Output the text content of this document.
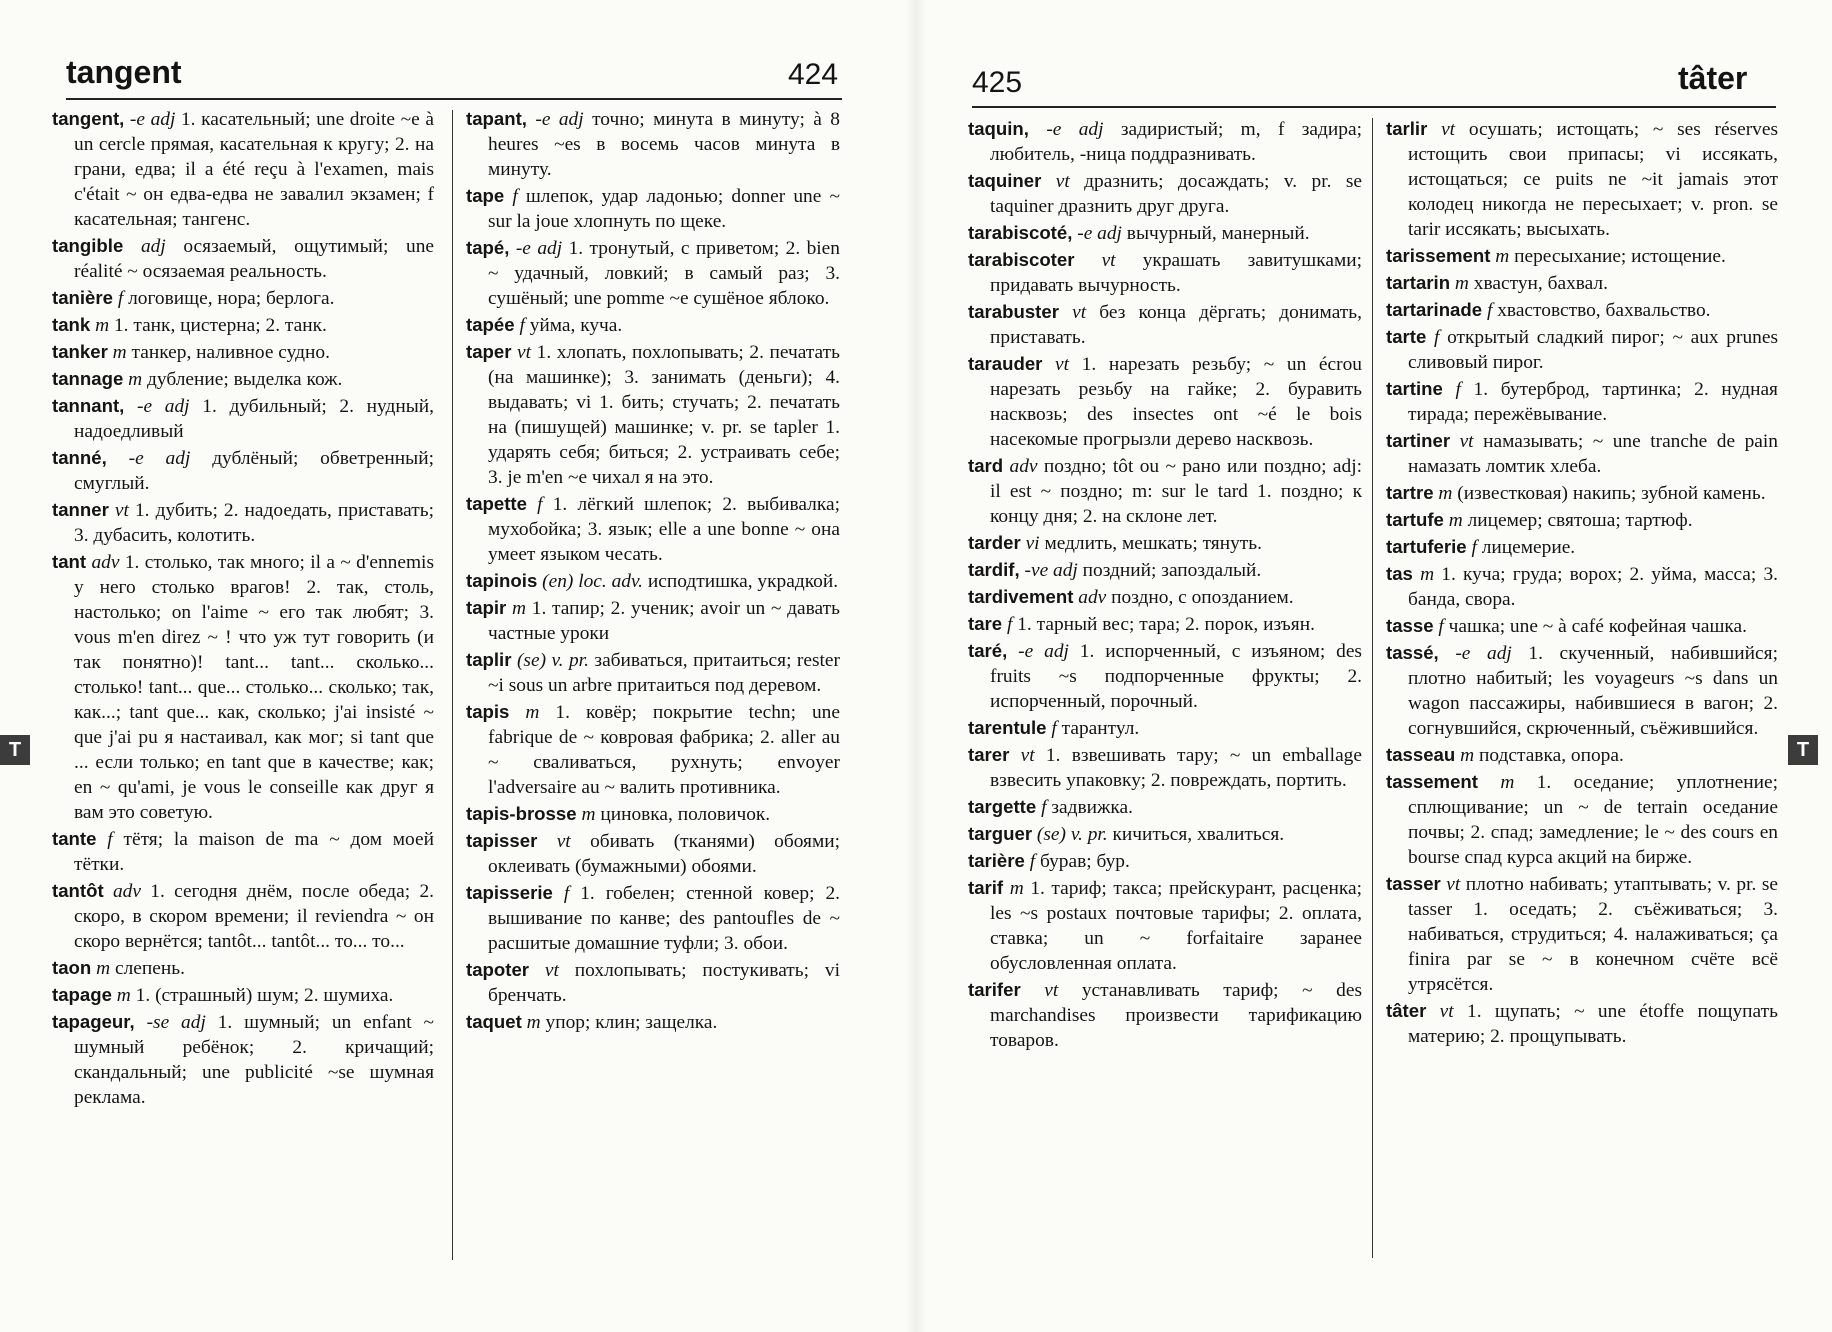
tangent	424

tangent, -e adj 1. касательный; une droite ~e à un cercle прямая, касательная к кругу; 2. на грани, едва; il a été reçu à l'examen, mais c'était ~ он едва-едва не завалил экзамен; f касательная; тангенс.

tangible adj осязаемый, ощутимый; une réalité ~ осязаемая реальность.

tanière f логовище, нора; берлога.

tank m 1. танк, цистерна; 2. танк.

tanker m танкер, наливное судно.

tannage m дубление; выделка кож.

tannant, -e adj 1. дубильный; 2. нудный, надоедливый

tanné, -e adj дублёный; обветренный; смуглый.

tanner vt 1. дубить; 2. надоедать, приставать; 3. дубасить, колотить.

tant adv 1. столько, так много; il a ~ d'ennemis у него столько врагов! 2. так, столь, настолько; on l'aime ~ его так любят; 3. vous m'en direz ~ ! что уж тут говорить (и так понятно)! tant... tant... сколько... столько! tant... que... столько... сколько; так, как...; tant que... как, сколько; j'ai insisté ~ que j'ai pu я настаивал, как мог; si tant que ... если только; en tant que в качестве; как; en ~ qu'ami, je vous le conseille как друг я вам это советую.

tante f тётя; la maison de ma ~ дом моей тётки.

tantôt adv 1. сегодня днём, после обеда; 2. скоро, в скором времени; il reviendra ~ он скоро вернётся; tantôt... tantôt... то... то...

taon m слепень.

tapage m 1. (страшный) шум; 2. шумиха.

tapageur, -se adj 1. шумный; un enfant ~ шумный ребёнок; 2. кричащий; скандальный; une publicité ~se шумная реклама.

tapant, -e adj точно; минута в минуту; à 8 heures ~es в восемь часов минута в минуту.

tape f шлепок, удар ладонью; donner une ~ sur la joue хлопнуть по щеке.

tapé, -e adj 1. тронутый, с приветом; 2. bien ~ удачный, ловкий; в самый раз; 3. сушёный; une pomme ~e сушёное яблоко.

tapée f уйма, куча.

taper vt 1. хлопать, похлопывать; 2. печатать (на машинке); 3. занимать (деньги); 4. выдавать; vi 1. бить; стучать; 2. печатать на (пишущей) машинке; v. pr. se tapler 1. ударять себя; биться; 2. устраивать себе; 3. je m'en ~e чихал я на это.

tapette f 1. лёгкий шлепок; 2. выбивалка; мухобойка; 3. язык; elle a une bonne ~ она умеет языком чесать.

tapinois (en) loc. adv. исподтишка, украдкой.

tapir m 1. тапир; 2. ученик; avoir un ~ давать частные уроки

taplir (se) v. pr. забиваться, притаиться; rester ~i sous un arbre притаиться под деревом.

tapis m 1. ковёр; покрытие techn; une fabrique de ~ ковровая фабрика; 2. aller au ~ сваливаться, рухнуть; envoyer l'adversaire au ~ валить противника.

tapis-brosse m циновка, половичок.

tapisser vt обивать (тканями) обоями; оклеивать (бумажными) обоями.

tapisserie f 1. гобелен; стенной ковер; 2. вышивание по канве; des pantoufles de ~ расшитые домашние туфли; 3. обои.

tapoter vt похлопывать; постукивать; vi бренчать.

taquet m упор; клин; защелка.

T
425	tâter

taquin, -e adj задиристый; m, f задира; любитель, -ница поддразнивать.

taquiner vt дразнить; досаждать; v. pr. se taquiner дразнить друг друга.

tarabiscoté, -e adj вычурный, манерный.

tarabiscoter vt украшать завитушками; придавать вычурность.

tarabuster vt без конца дёргать; донимать, приставать.

tarauder vt 1. нарезать резьбу; ~ un écrou нарезать резьбу на гайке; 2. буравить насквозь; des insectes ont ~é le bois насекомые прогрызли дерево насквозь.

tard adv поздно; tôt ou ~ рано или поздно; adj: il est ~ поздно; m: sur le tard 1. поздно; к концу дня; 2. на склоне лет.

tarder vi медлить, мешкать; тянуть.

tardif, -ve adj поздний; запоздалый.

tardivement adv поздно, с опозданием.

tare f 1. тарный вес; тара; 2. порок, изъян.

taré, -e adj 1. испорченный, с изъяном; des fruits ~s подпорченные фрукты; 2. испорченный, порочный.

tarentule f тарантул.

tarer vt 1. взвешивать тару; ~ un emballage взвесить упаковку; 2. повреждать, портить.

targette f задвижка.

targuer (se) v. pr. кичиться, хвалиться.

tarière f бурав; бур.

tarif m 1. тариф; такса; прейскурант, расценка; les ~s postaux почтовые тарифы; 2. оплата, ставка; un ~ forfaitaire заранее обусловленная оплата.

tarifer vt устанавливать тариф; ~ des marchandises произвести тарификацию товаров.

tarlir vt осушать; истощать; ~ ses réserves истощить свои припасы; vi иссякать, истощаться; ce puits ne ~it jamais этот колодец никогда не пересыхает; v. pron. se tarir иссякать; высыхать.

tarissement m пересыхание; истощение.

tartarin m хвастун, бахвал.

tartarinade f хвастовство, бахвальство.

tarte f открытый сладкий пирог; ~ aux prunes сливовый пирог.

tartine f 1. бутерброд, тартинка; 2. нудная тирада; пережёвывание.

tartiner vt намазывать; ~ une tranche de pain намазать ломтик хлеба.

tartre m (известковая) накипь; зубной камень.

tartufe m лицемер; святоша; тартюф.

tartuferie f лицемерие.

tas m 1. куча; груда; ворох; 2. уйма, масса; 3. банда, свора.

tasse f чашка; une ~ à café кофейная чашка.

tassé, -e adj 1. скученный, набившийся; плотно набитый; les voyageurs ~s dans un wagon пассажиры, набившиеся в вагон; 2. согнувшийся, скрюченный, съёжившийся.

tasseau m подставка, опора.

tassement m 1. оседание; уплотнение; сплющивание; un ~ de terrain оседание почвы; 2. спад; замедление; le ~ des cours en bourse спад курса акций на бирже.

tasser vt плотно набивать; утаптывать; v. pr. se tasser 1. оседать; 2. съёживаться; 3. набиваться, струдиться; 4. налаживаться; ça finira par se ~ в конечном счёте всё утрясётся.

tâter vt 1. щупать; ~ une étoffe пощупать материю; 2. прощупывать.

T
